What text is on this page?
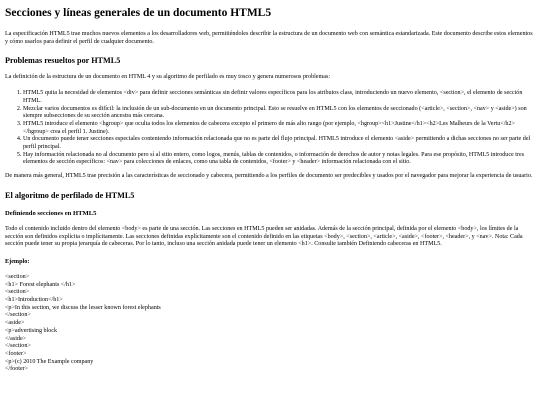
Secciones y líneas generales de un documento HTML5

La especificación HTML5 trae muchos nuevos elementos a los desarrolladores web, permitiéndoles describir la estructura de un documento web con semántica estandarizada. Este documento describe estos elementos y cómo usarlos para definir el perfil de cualquier documento.

Problemas resueltos por HTML5

La definición de la estructura de un documento en HTML 4 y su algoritmo de perfilado es muy tosco y genera numerosos problemas:

1. HTML5 quita la necesidad de elementos <div> para definir secciones semánticas sin definir valores específicos para los atributos class, introduciendo un nuevo elemento, <section>, el elemento de sección HTML.
2. Mezclar varios documentos es difícil: la inclusión de un sub-documento en un documento principal. Esto se resuelve en HTML5 con los elementos de seccionado (<article>, <section>, <nav> y <aside>) son siempre subsecciones de su sección ancestra más cercana.
3. HTML5 introduce el elemento <hgroup> que oculta todos los elementos de cabecera excepto el primero de más alto rango (por ejemplo, <hgroup><h1>Justine</h1><h2>Les Malheurs de la Vertu</h2></hgroup> crea el perfil 1. Justine).
4. Un documento puede tener secciones especiales conteniendo información relacionada que no es parte del flujo principal. HTML5 introduce el elemento <aside> permitiendo a dichas secciones no ser parte del perfil principal.
5. Hay información relacionada no al documento pero sí al sitio entero, como logos, menús, tablas de contenidos, o información de derechos de autor y notas legales. Para ese propósito, HTML5 introduce tres elementos de sección específicos: <nav> para colecciones de enlaces, como una tabla de contenidos, <footer> y <header> información relacionada con el sitio.

De manera más general, HTML5 trae precisión a las características de seccionado y cabecera, permitiendo a los perfiles de documento ser predecibles y usados por el navegador para mejorar la experiencia de usuario.

El algoritmo de perfilado de HTML5
Definiendo secciones en HTML5

Todo el contenido incluido dentro del elemento <body> es parte de una sección. Las secciones en HTML5 pueden ser anidadas. Además de la sección principal, definida por el elemento <body>, los límites de la sección son definidos explícita o implícitamente. Las secciones definidas explícitamente son el contenido definido en las etiquetas <body>, <section>, <article>, <aside>, <footer>, <header>, y <nav>. Nota: Cada sección puede tener su propia jerarquía de cabeceras. Por lo tanto, incluso una sección anidada puede tener un elemento <h1>. Consulte también Definiendo cabeceras en HTML5.

Ejemplo:
<section>
<h1> Forest elephants </h1>
<section>
<h1>Introduction</h1>
<p>In this section, we discuss the lesser known forest elephants
</section>
<aside>
<p>advertising block
</aside>
</section>
<footer>
<p>(c) 2010 The Example company
</footer>
